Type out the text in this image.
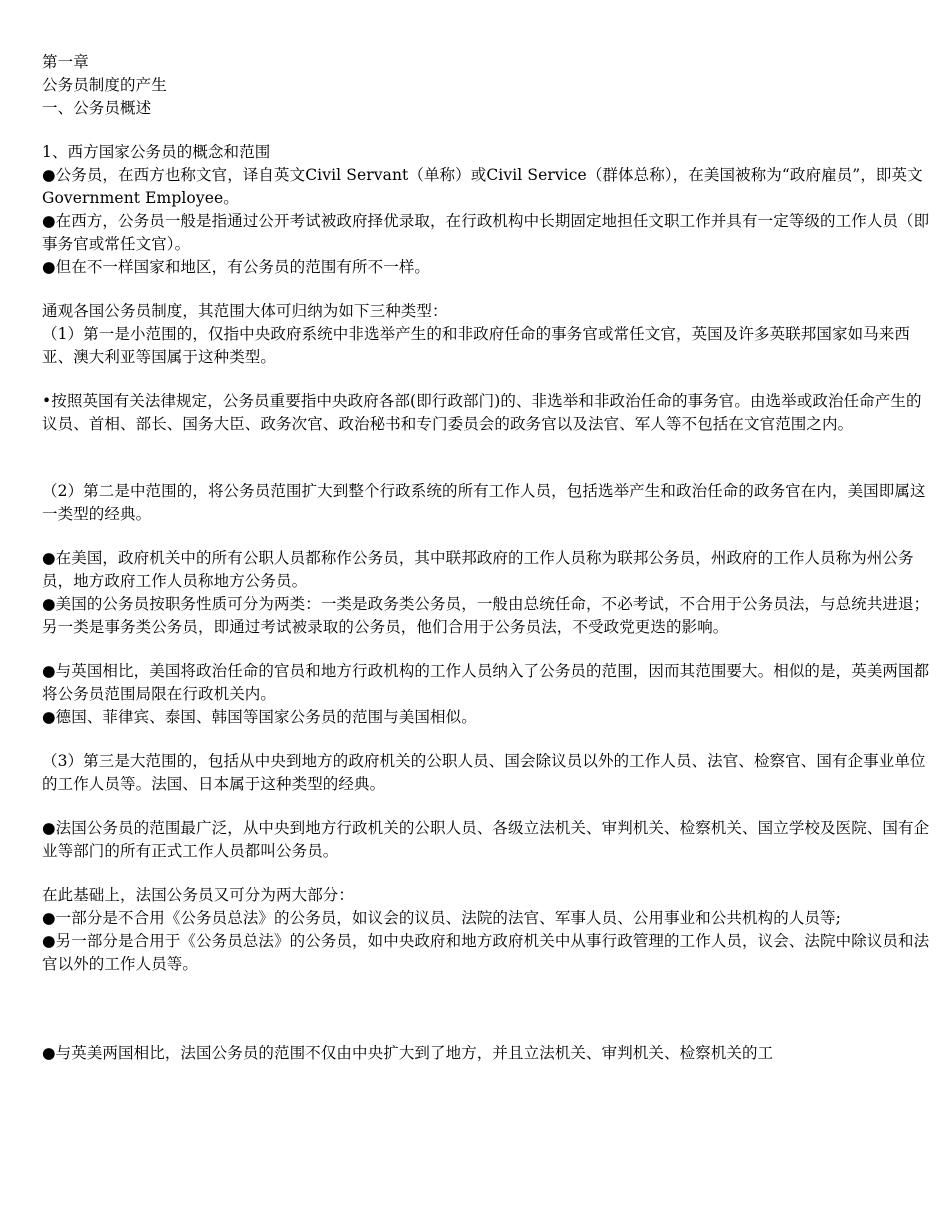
第一章

公务员制度的产生

一、公务员概述

1、西方国家公务员的概念和范围

●公务员，在西方也称文官，译自英文Civil Servant（单称）或Civil Service（群体总称），在美国被称为“政府雇员”，即英文Government Employee。

●在西方，公务员一般是指通过公开考试被政府择优录取，在行政机构中长期固定地担任文职工作并具有一定等级的工作人员（即事务官或常任文官）。

●但在不一样国家和地区，有公务员的范围有所不一样。

通观各国公务员制度，其范围大体可归纳为如下三种类型：

（1）第一是小范围的，仅指中央政府系统中非选举产生的和非政府任命的事务官或常任文官，英国及许多英联邦国家如马来西亚、澳大利亚等国属于这种类型。

•按照英国有关法律规定，公务员重要指中央政府各部(即行政部门)的、非选举和非政治任命的事务官。由选举或政治任命产生的议员、首相、部长、国务大臣、政务次官、政治秘书和专门委员会的政务官以及法官、军人等不包括在文官范围之内。

（2）第二是中范围的，将公务员范围扩大到整个行政系统的所有工作人员，包括选举产生和政治任命的政务官在内，美国即属这一类型的经典。

●在美国，政府机关中的所有公职人员都称作公务员，其中联邦政府的工作人员称为联邦公务员，州政府的工作人员称为州公务员，地方政府工作人员称地方公务员。

●美国的公务员按职务性质可分为两类：一类是政务类公务员，一般由总统任命，不必考试，不合用于公务员法，与总统共进退；另一类是事务类公务员，即通过考试被录取的公务员，他们合用于公务员法，不受政党更迭的影响。

●与英国相比，美国将政治任命的官员和地方行政机构的工作人员纳入了公务员的范围，因而其范围要大。相似的是，英美两国都将公务员范围局限在行政机关内。

●德国、菲律宾、泰国、韩国等国家公务员的范围与美国相似。

（3）第三是大范围的，包括从中央到地方的政府机关的公职人员、国会除议员以外的工作人员、法官、检察官、国有企事业单位的工作人员等。法国、日本属于这种类型的经典。

●法国公务员的范围最广泛，从中央到地方行政机关的公职人员、各级立法机关、审判机关、检察机关、国立学校及医院、国有企业等部门的所有正式工作人员都叫公务员。

在此基础上，法国公务员又可分为两大部分：

●一部分是不合用《公务员总法》的公务员，如议会的议员、法院的法官、军事人员、公用事业和公共机构的人员等;

●另一部分是合用于《公务员总法》的公务员，如中央政府和地方政府机关中从事行政管理的工作人员，议会、法院中除议员和法官以外的工作人员等。

●与英美两国相比，法国公务员的范围不仅由中央扩大到了地方，并且立法机关、审判机关、检察机关的工
